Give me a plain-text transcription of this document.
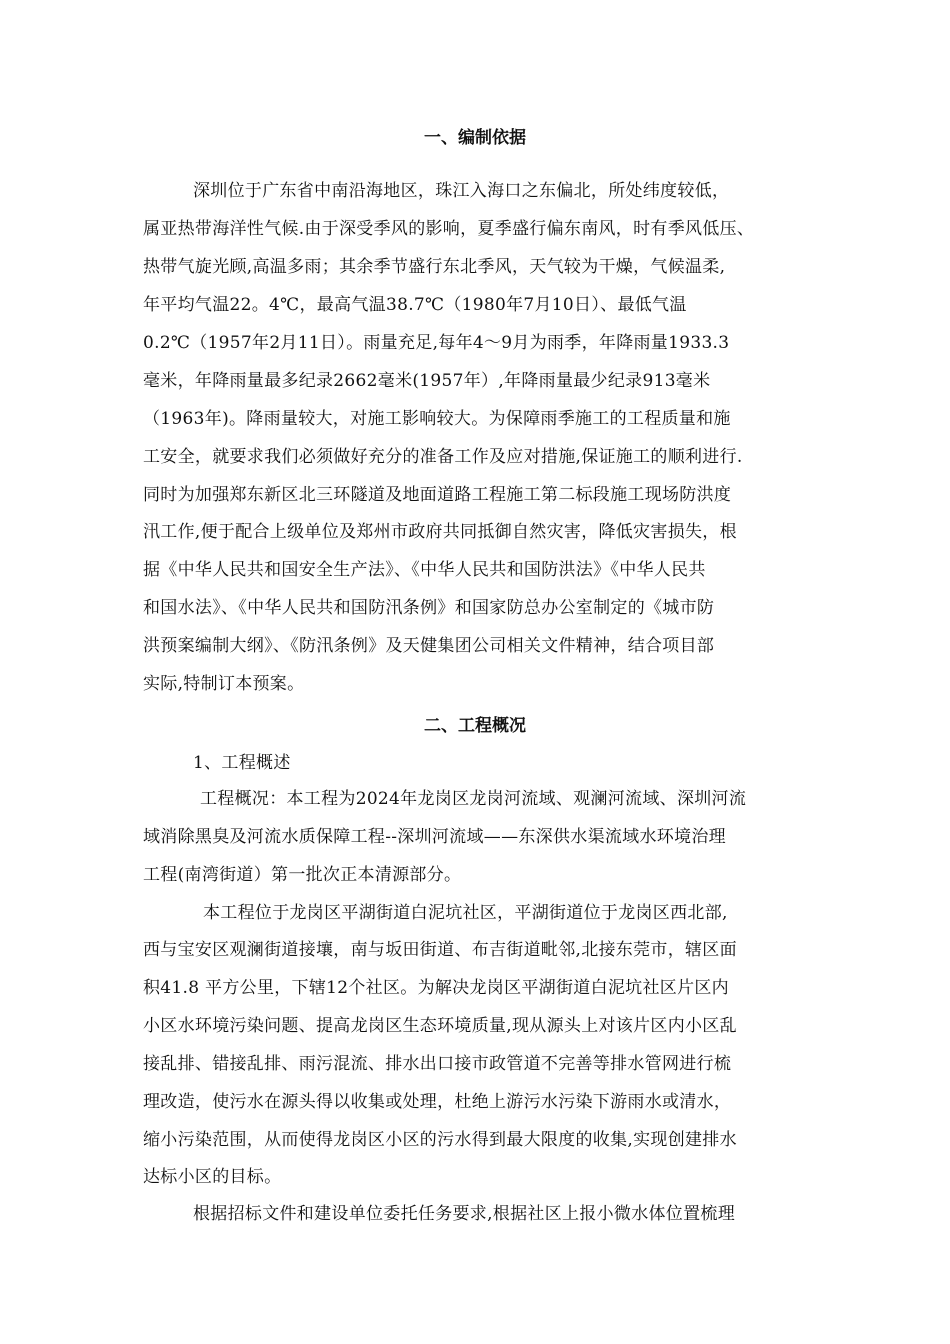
一、编制依据
深圳位于广东省中南沿海地区，珠江入海口之东偏北，所处纬度较低，
属亚热带海洋性气候.由于深受季风的影响，夏季盛行偏东南风，时有季风低压、
热带气旋光顾,高温多雨；其余季节盛行东北季风，天气较为干燥，气候温柔,
年平均气温22。4℃，最高气温38.7℃（1980年7月10日）、最低气温
0.2℃（1957年2月11日）。雨量充足,每年4～9月为雨季，年降雨量1933.3
毫米，年降雨量最多纪录2662毫米(1957年）,年降雨量最少纪录913毫米
（1963年)。降雨量较大，对施工影响较大。为保障雨季施工的工程质量和施
工安全，就要求我们必须做好充分的准备工作及应对措施,保证施工的顺利进行.
同时为加强郑东新区北三环隧道及地面道路工程施工第二标段施工现场防洪度
汛工作,便于配合上级单位及郑州市政府共同抵御自然灾害，降低灾害损失，根
据《中华人民共和国安全生产法》、《中华人民共和国防洪法》《中华人民共
和国水法》、《中华人民共和国防汛条例》和国家防总办公室制定的《城市防
洪预案编制大纲》、《防汛条例》及天健集团公司相关文件精神，结合项目部
实际,特制订本预案。
二、工程概况
1、工程概述
工程概况：本工程为2024年龙岗区龙岗河流域、观澜河流域、深圳河流
域消除黑臭及河流水质保障工程--深圳河流域——东深供水渠流域水环境治理
工程(南湾街道）第一批次正本清源部分。
本工程位于龙岗区平湖街道白泥坑社区，平湖街道位于龙岗区西北部,
西与宝安区观澜街道接壤，南与坂田街道、布吉街道毗邻,北接东莞市，辖区面
积41.8 平方公里，下辖12个社区。为解决龙岗区平湖街道白泥坑社区片区内
小区水环境污染问题、提高龙岗区生态环境质量,现从源头上对该片区内小区乱
接乱排、错接乱排、雨污混流、排水出口接市政管道不完善等排水管网进行梳
理改造，使污水在源头得以收集或处理，杜绝上游污水污染下游雨水或清水，
缩小污染范围，从而使得龙岗区小区的污水得到最大限度的收集,实现创建排水
达标小区的目标。
根据招标文件和建设单位委托任务要求,根据社区上报小微水体位置梳理
